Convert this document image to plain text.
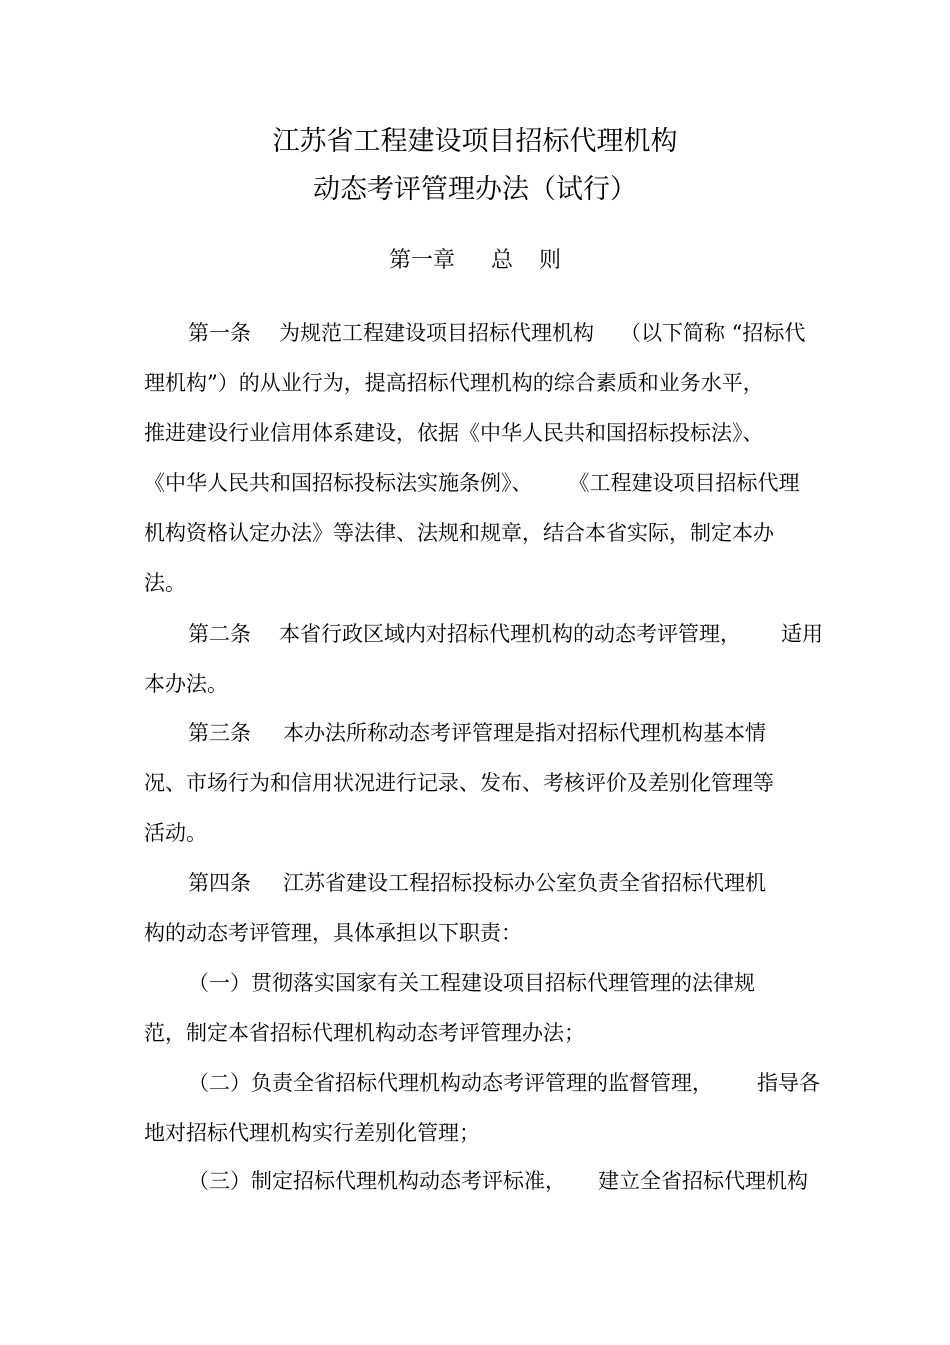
江苏省工程建设项目招标代理机构
动态考评管理办法（试行）
第一章 总 则
第一条 为规范工程建设项目招标代理机构 （以下简称 “招标代
理机构”）的从业行为，提高招标代理机构的综合素质和业务水平，
推进建设行业信用体系建设，依据《中华人民共和国招标投标法》、
《中华人民共和国招标投标法实施条例》、 《工程建设项目招标代理
机构资格认定办法》等法律、法规和规章，结合本省实际，制定本办
法。
第二条 本省行政区域内对招标代理机构的动态考评管理， 适用
本办法。
第三条 本办法所称动态考评管理是指对招标代理机构基本情
况、市场行为和信用状况进行记录、发布、考核评价及差别化管理等
活动。
第四条 江苏省建设工程招标投标办公室负责全省招标代理机
构的动态考评管理，具体承担以下职责：
（一）贯彻落实国家有关工程建设项目招标代理管理的法律规
范，制定本省招标代理机构动态考评管理办法；
（二）负责全省招标代理机构动态考评管理的监督管理， 指导各
地对招标代理机构实行差别化管理；
（三）制定招标代理机构动态考评标准， 建立全省招标代理机构
